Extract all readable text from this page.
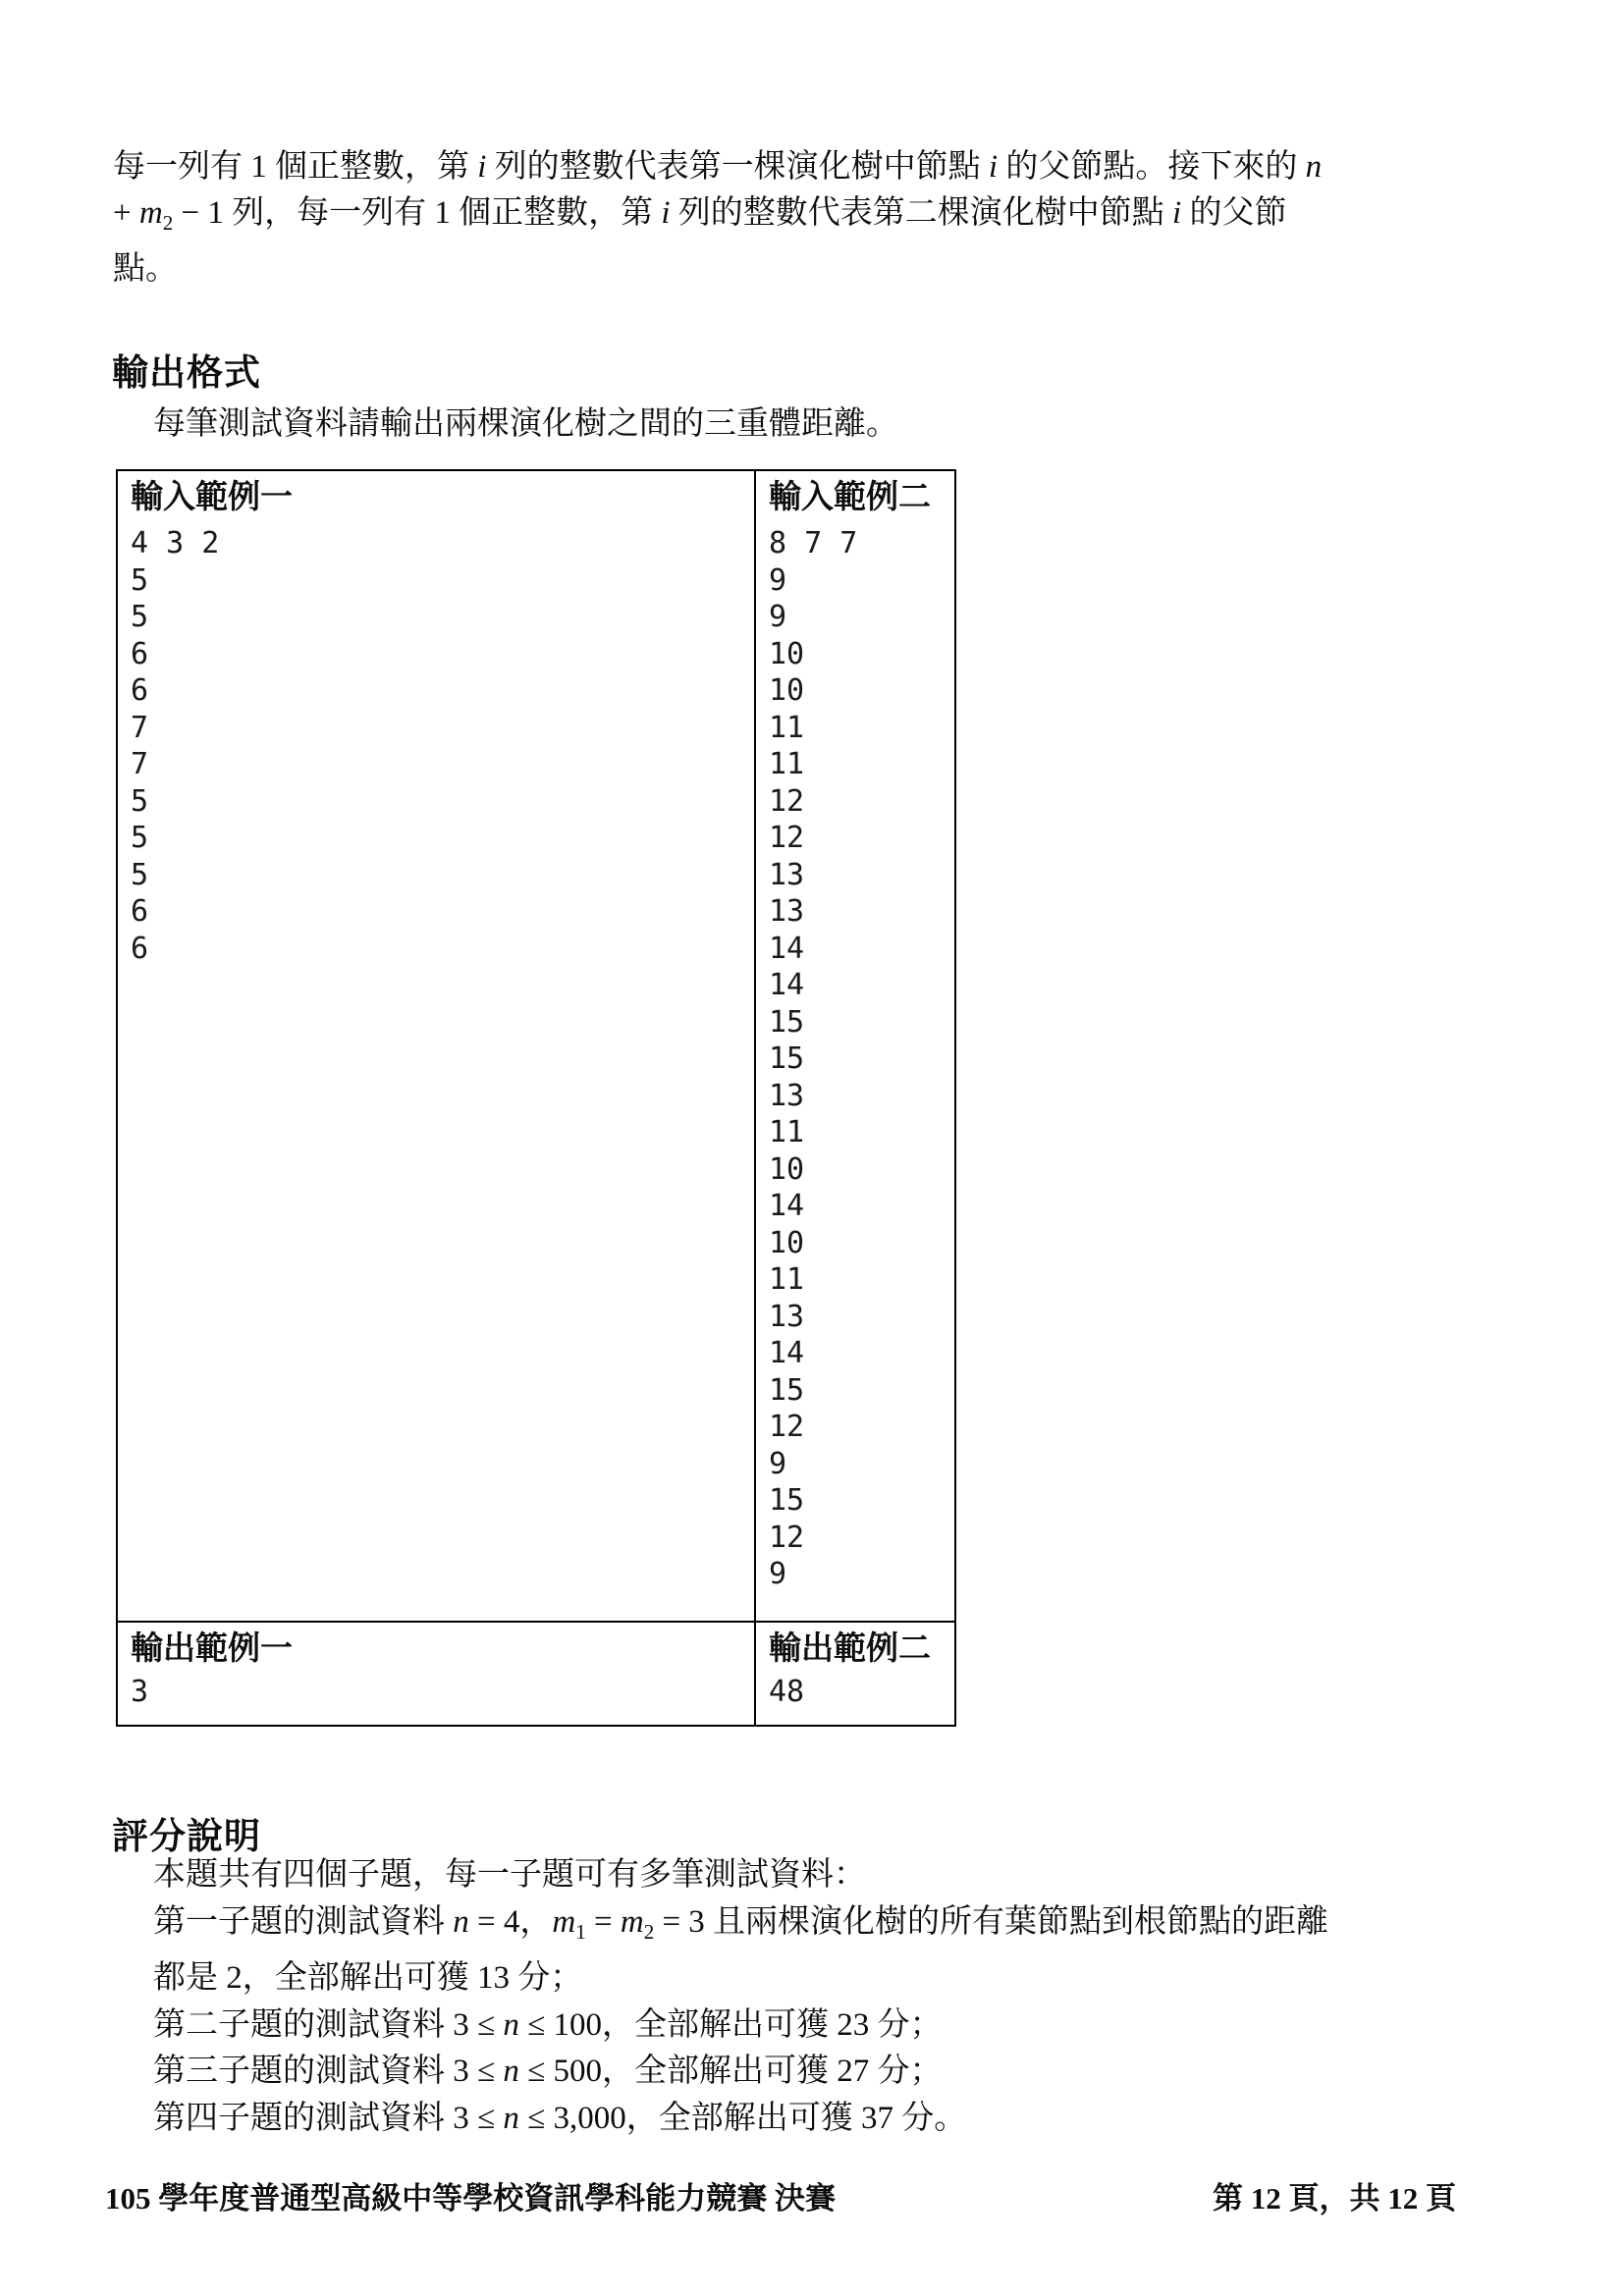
每一列有 1 個正整數，第 i 列的整數代表第一棵演化樹中節點 i 的父節點。接下來的 n
+ $m_2 - 1$ 列，每一列有 1 個正整數，第 i 列的整數代表第二棵演化樹中節點 i 的父節
點。
輸出格式
每筆測試資料請輸出兩棵演化樹之間的三重體距離。
輸入範例一
4 3 2
5
5
6
6
7
7
5
5
5
6
6
輸入範例二
8 7 7
9
9
10
10
11
11
12
12
13
13
14
14
15
15
13
11
10
14
10
11
13
14
15
12
9
15
12
9
輸出範例一
3
輸出範例二
48
評分說明
本題共有四個子題，每一子題可有多筆測試資料：
第一子題的測試資料 n = 4，$m_1 = m_2 = 3$ 且兩棵演化樹的所有葉節點到根節點的距離
都是 2，全部解出可獲 13 分；
第二子題的測試資料 3 ≤ n ≤ 100，全部解出可獲 23 分；
第三子題的測試資料 3 ≤ n ≤ 500，全部解出可獲 27 分；
第四子題的測試資料 3 ≤ n ≤ 3,000，全部解出可獲 37 分。
105 學年度普通型高級中等學校資訊學科能力競賽 決賽	第 12 頁，共 12 頁
